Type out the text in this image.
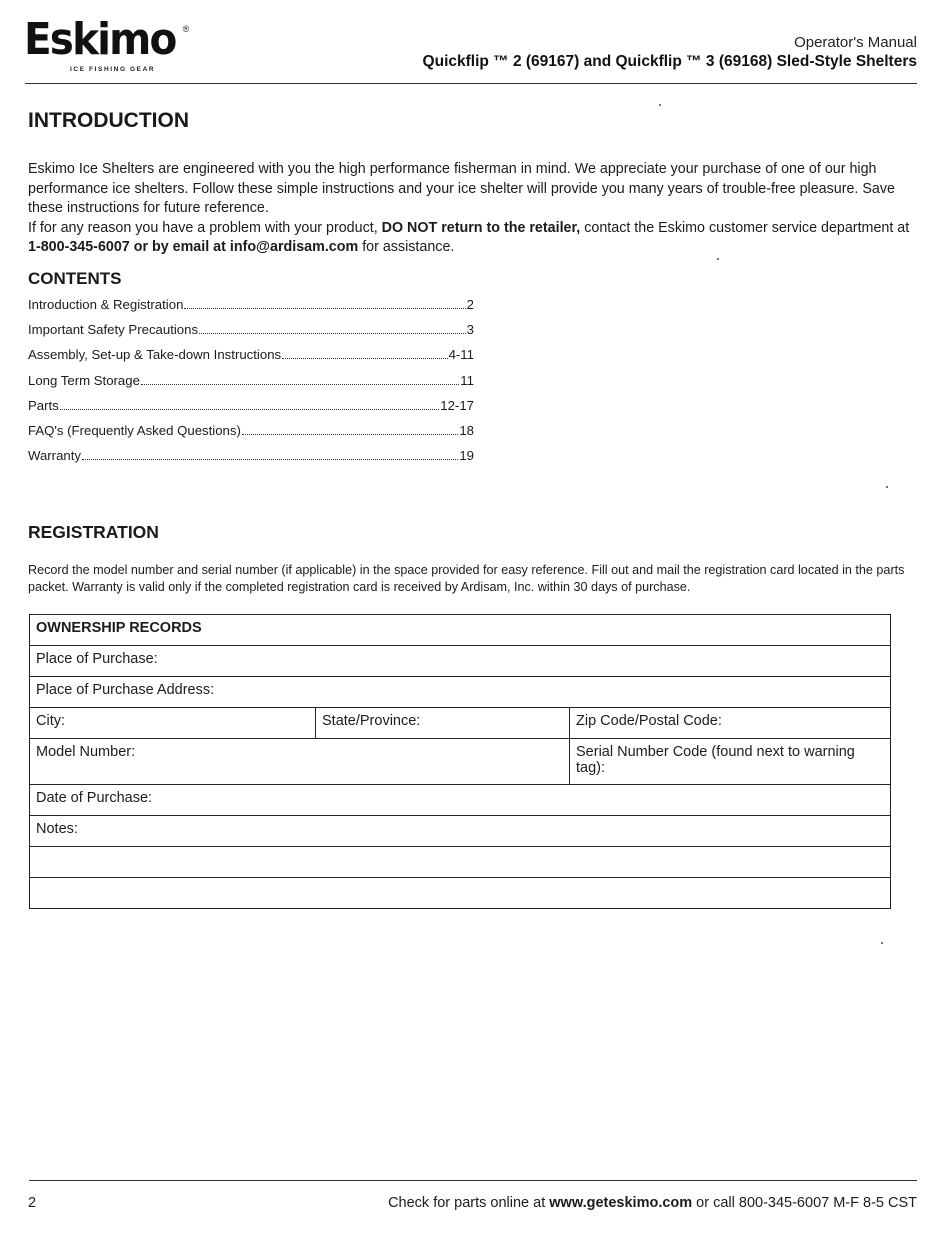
Eskimo ®
ICE FISHING GEAR
Operator's Manual
Quickflip ™ 2 (69167) and Quickflip ™ 3 (69168) Sled-Style Shelters
INTRODUCTION

Eskimo Ice Shelters are engineered with you the high performance fisherman in mind. We appreciate your purchase of one of our high performance ice shelters. Follow these simple instructions and your ice shelter will provide you many years of trouble-free pleasure. Save these instructions for future reference.

If for any reason you have a problem with your product, DO NOT return to the retailer, contact the Eskimo customer service department at 1-800-345-6007 or by email at info@ardisam.com for assistance.

CONTENTS
Introduction & Registration	2
Important Safety Precautions	3
Assembly, Set-up & Take-down Instructions	4-11
Long Term Storage	11
Parts	12-17
FAQ's (Frequently Asked Questions)	18
Warranty	19
REGISTRATION
Record the model number and serial number (if applicable) in the space provided for easy reference. Fill out and mail the registration card located in the parts packet. Warranty is valid only if the completed registration card is received by Ardisam, Inc. within 30 days of purchase.
OWNERSHIP RECORDS		
Place of Purchase:		
Place of Purchase Address:		
City:	State/Province:	Zip Code/Postal Code:
Model Number:		Serial Number Code (found next to warning tag):
Date of Purchase:		
Notes:		

2	Check for parts online at www.geteskimo.com or call 800-345-6007 M-F 8-5 CST
